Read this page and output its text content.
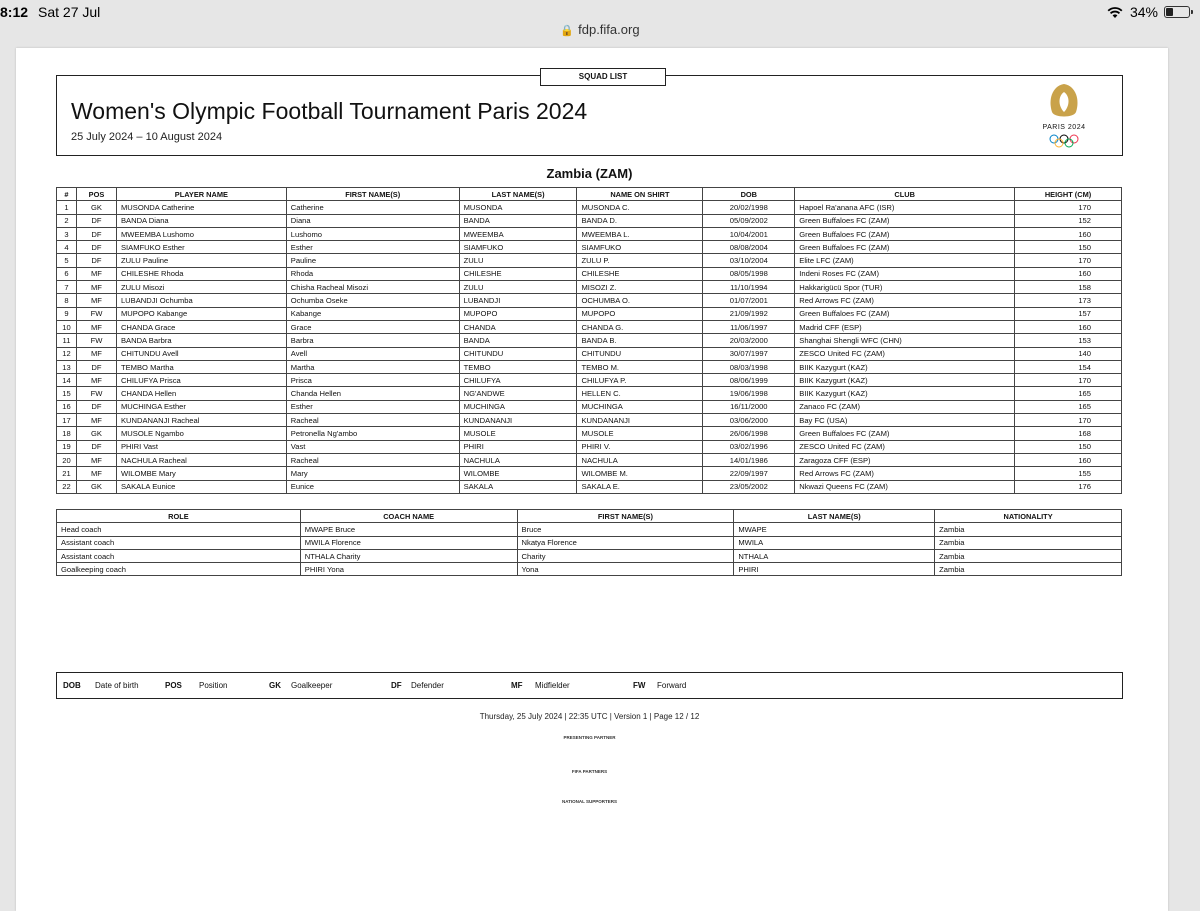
8:12 Sat 27 Jul	34%
🔒 fdp.fifa.org
SQUAD LIST
Women's Olympic Football Tournament Paris 2024
25 July 2024 – 10 August 2024
PARIS 2024
Zambia (ZAM)
#	POS	PLAYER NAME	FIRST NAME(S)	LAST NAME(S)	NAME ON SHIRT	DOB	CLUB	HEIGHT (CM)
1	GK	MUSONDA Catherine	Catherine	MUSONDA	MUSONDA C.	20/02/1998	Hapoel Ra'anana AFC (ISR)	170
2	DF	BANDA Diana	Diana	BANDA	BANDA D.	05/09/2002	Green Buffaloes FC (ZAM)	152
3	DF	MWEEMBA Lushomo	Lushomo	MWEEMBA	MWEEMBA L.	10/04/2001	Green Buffaloes FC (ZAM)	160
4	DF	SIAMFUKO Esther	Esther	SIAMFUKO	SIAMFUKO	08/08/2004	Green Buffaloes FC (ZAM)	150
5	DF	ZULU Pauline	Pauline	ZULU	ZULU P.	03/10/2004	Elite LFC (ZAM)	170
6	MF	CHILESHE Rhoda	Rhoda	CHILESHE	CHILESHE	08/05/1998	Indeni Roses FC (ZAM)	160
7	MF	ZULU Misozi	Chisha Racheal Misozi	ZULU	MISOZI Z.	11/10/1994	Hakkarigücü Spor (TUR)	158
8	MF	LUBANDJI Ochumba	Ochumba Oseke	LUBANDJI	OCHUMBA O.	01/07/2001	Red Arrows FC (ZAM)	173
9	FW	MUPOPO Kabange	Kabange	MUPOPO	MUPOPO	21/09/1992	Green Buffaloes FC (ZAM)	157
10	MF	CHANDA Grace	Grace	CHANDA	CHANDA G.	11/06/1997	Madrid CFF (ESP)	160
11	FW	BANDA Barbra	Barbra	BANDA	BANDA B.	20/03/2000	Shanghai Shengli WFC (CHN)	153
12	MF	CHITUNDU Avell	Avell	CHITUNDU	CHITUNDU	30/07/1997	ZESCO United FC (ZAM)	140
13	DF	TEMBO Martha	Martha	TEMBO	TEMBO M.	08/03/1998	BIIK Kazygurt (KAZ)	154
14	MF	CHILUFYA Prisca	Prisca	CHILUFYA	CHILUFYA P.	08/06/1999	BIIK Kazygurt (KAZ)	170
15	FW	CHANDA Hellen	Chanda Hellen	NG'ANDWE	HELLEN C.	19/06/1998	BIIK Kazygurt (KAZ)	165
16	DF	MUCHINGA Esther	Esther	MUCHINGA	MUCHINGA	16/11/2000	Zanaco FC (ZAM)	165
17	MF	KUNDANANJI Racheal	Racheal	KUNDANANJI	KUNDANANJI	03/06/2000	Bay FC (USA)	170
18	GK	MUSOLE Ngambo	Petronella Ng'ambo	MUSOLE	MUSOLE	26/06/1998	Green Buffaloes FC (ZAM)	168
19	DF	PHIRI Vast	Vast	PHIRI	PHIRI V.	03/02/1996	ZESCO United FC (ZAM)	150
20	MF	NACHULA Racheal	Racheal	NACHULA	NACHULA	14/01/1986	Zaragoza CFF (ESP)	160
21	MF	WILOMBE Mary	Mary	WILOMBE	WILOMBE M.	22/09/1997	Red Arrows FC (ZAM)	155
22	GK	SAKALA Eunice	Eunice	SAKALA	SAKALA E.	23/05/2002	Nkwazi Queens FC (ZAM)	176
ROLE	COACH NAME	FIRST NAME(S)	LAST NAME(S)	NATIONALITY
Head coach	MWAPE Bruce	Bruce	MWAPE	Zambia
Assistant coach	MWILA Florence	Nkatya Florence	MWILA	Zambia
Assistant coach	NTHALA Charity	Charity	NTHALA	Zambia
Goalkeeping coach	PHIRI Yona	Yona	PHIRI	Zambia
DOB	Date of birth	POS	Position	GK	Goalkeeper	DF	Defender	MF	Midfielder	FW	Forward
Thursday, 25 July 2024 | 22:35 UTC | Version 1 | Page 12 / 12
PRESENTING PARTNER
FIFA PARTNERS
NATIONAL SUPPORTERS
